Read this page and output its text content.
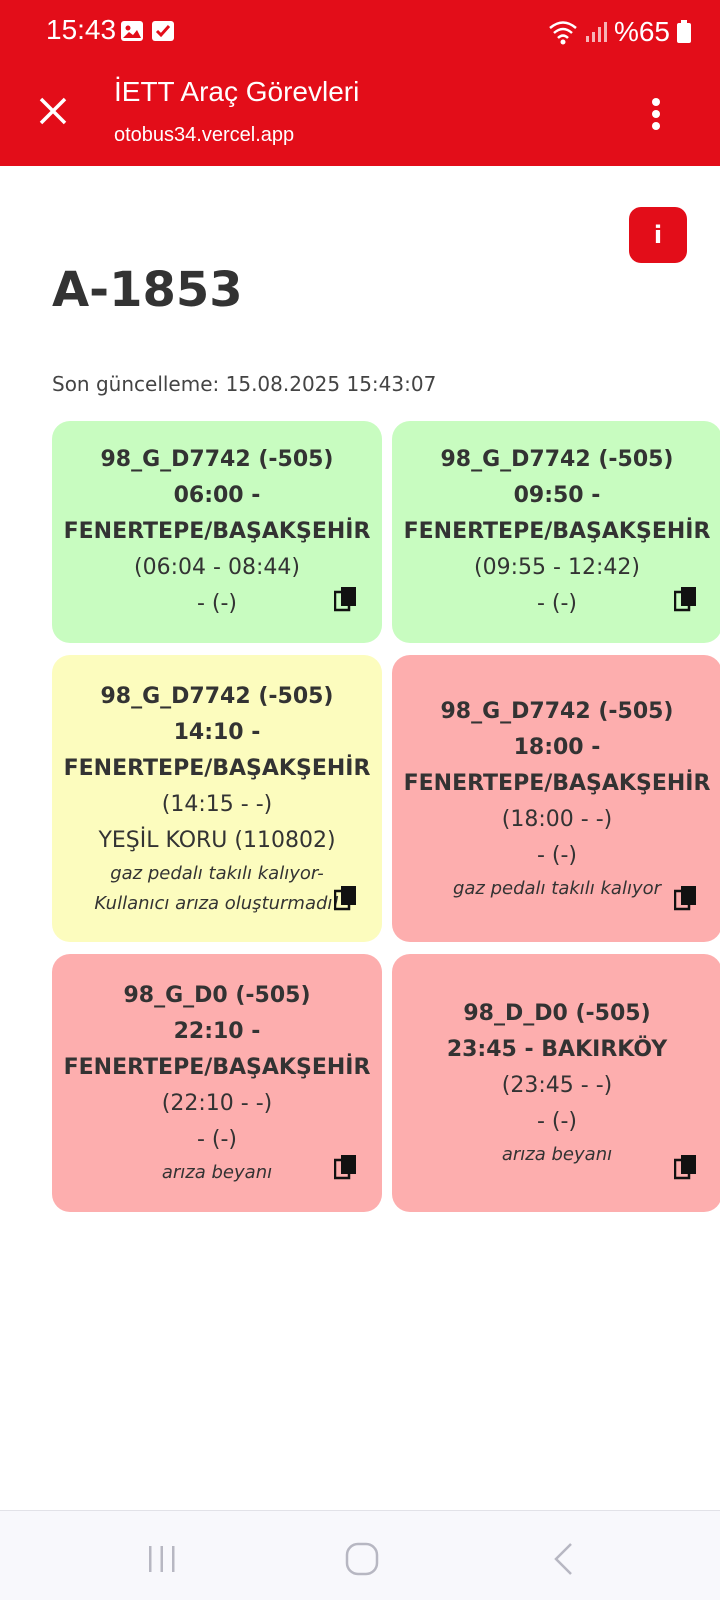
15:43	%65
İETT Araç Görevleri
otobus34.vercel.app
i
A-1853
Son güncelleme: 15.08.2025 15:43:07
98_G_D7742 (-505)
06:00 -
FENERTEPE/BAŞAKŞEHİR
(06:04 - 08:44)
- (-)
98_G_D7742 (-505)
09:50 -
FENERTEPE/BAŞAKŞEHİR
(09:55 - 12:42)
- (-)
98_G_D7742 (-505)
14:10 -
FENERTEPE/BAŞAKŞEHİR
(14:15 - -)
YEŞİL KORU (110802)
gaz pedalı takılı kalıyor-Kullanıcı arıza oluşturmadı!
98_G_D7742 (-505)
18:00 -
FENERTEPE/BAŞAKŞEHİR
(18:00 - -)
- (-)
gaz pedalı takılı kalıyor
98_G_D0 (-505)
22:10 -
FENERTEPE/BAŞAKŞEHİR
(22:10 - -)
- (-)
arıza beyanı
98_D_D0 (-505)
23:45 - BAKIRKÖY
(23:45 - -)
- (-)
arıza beyanı
